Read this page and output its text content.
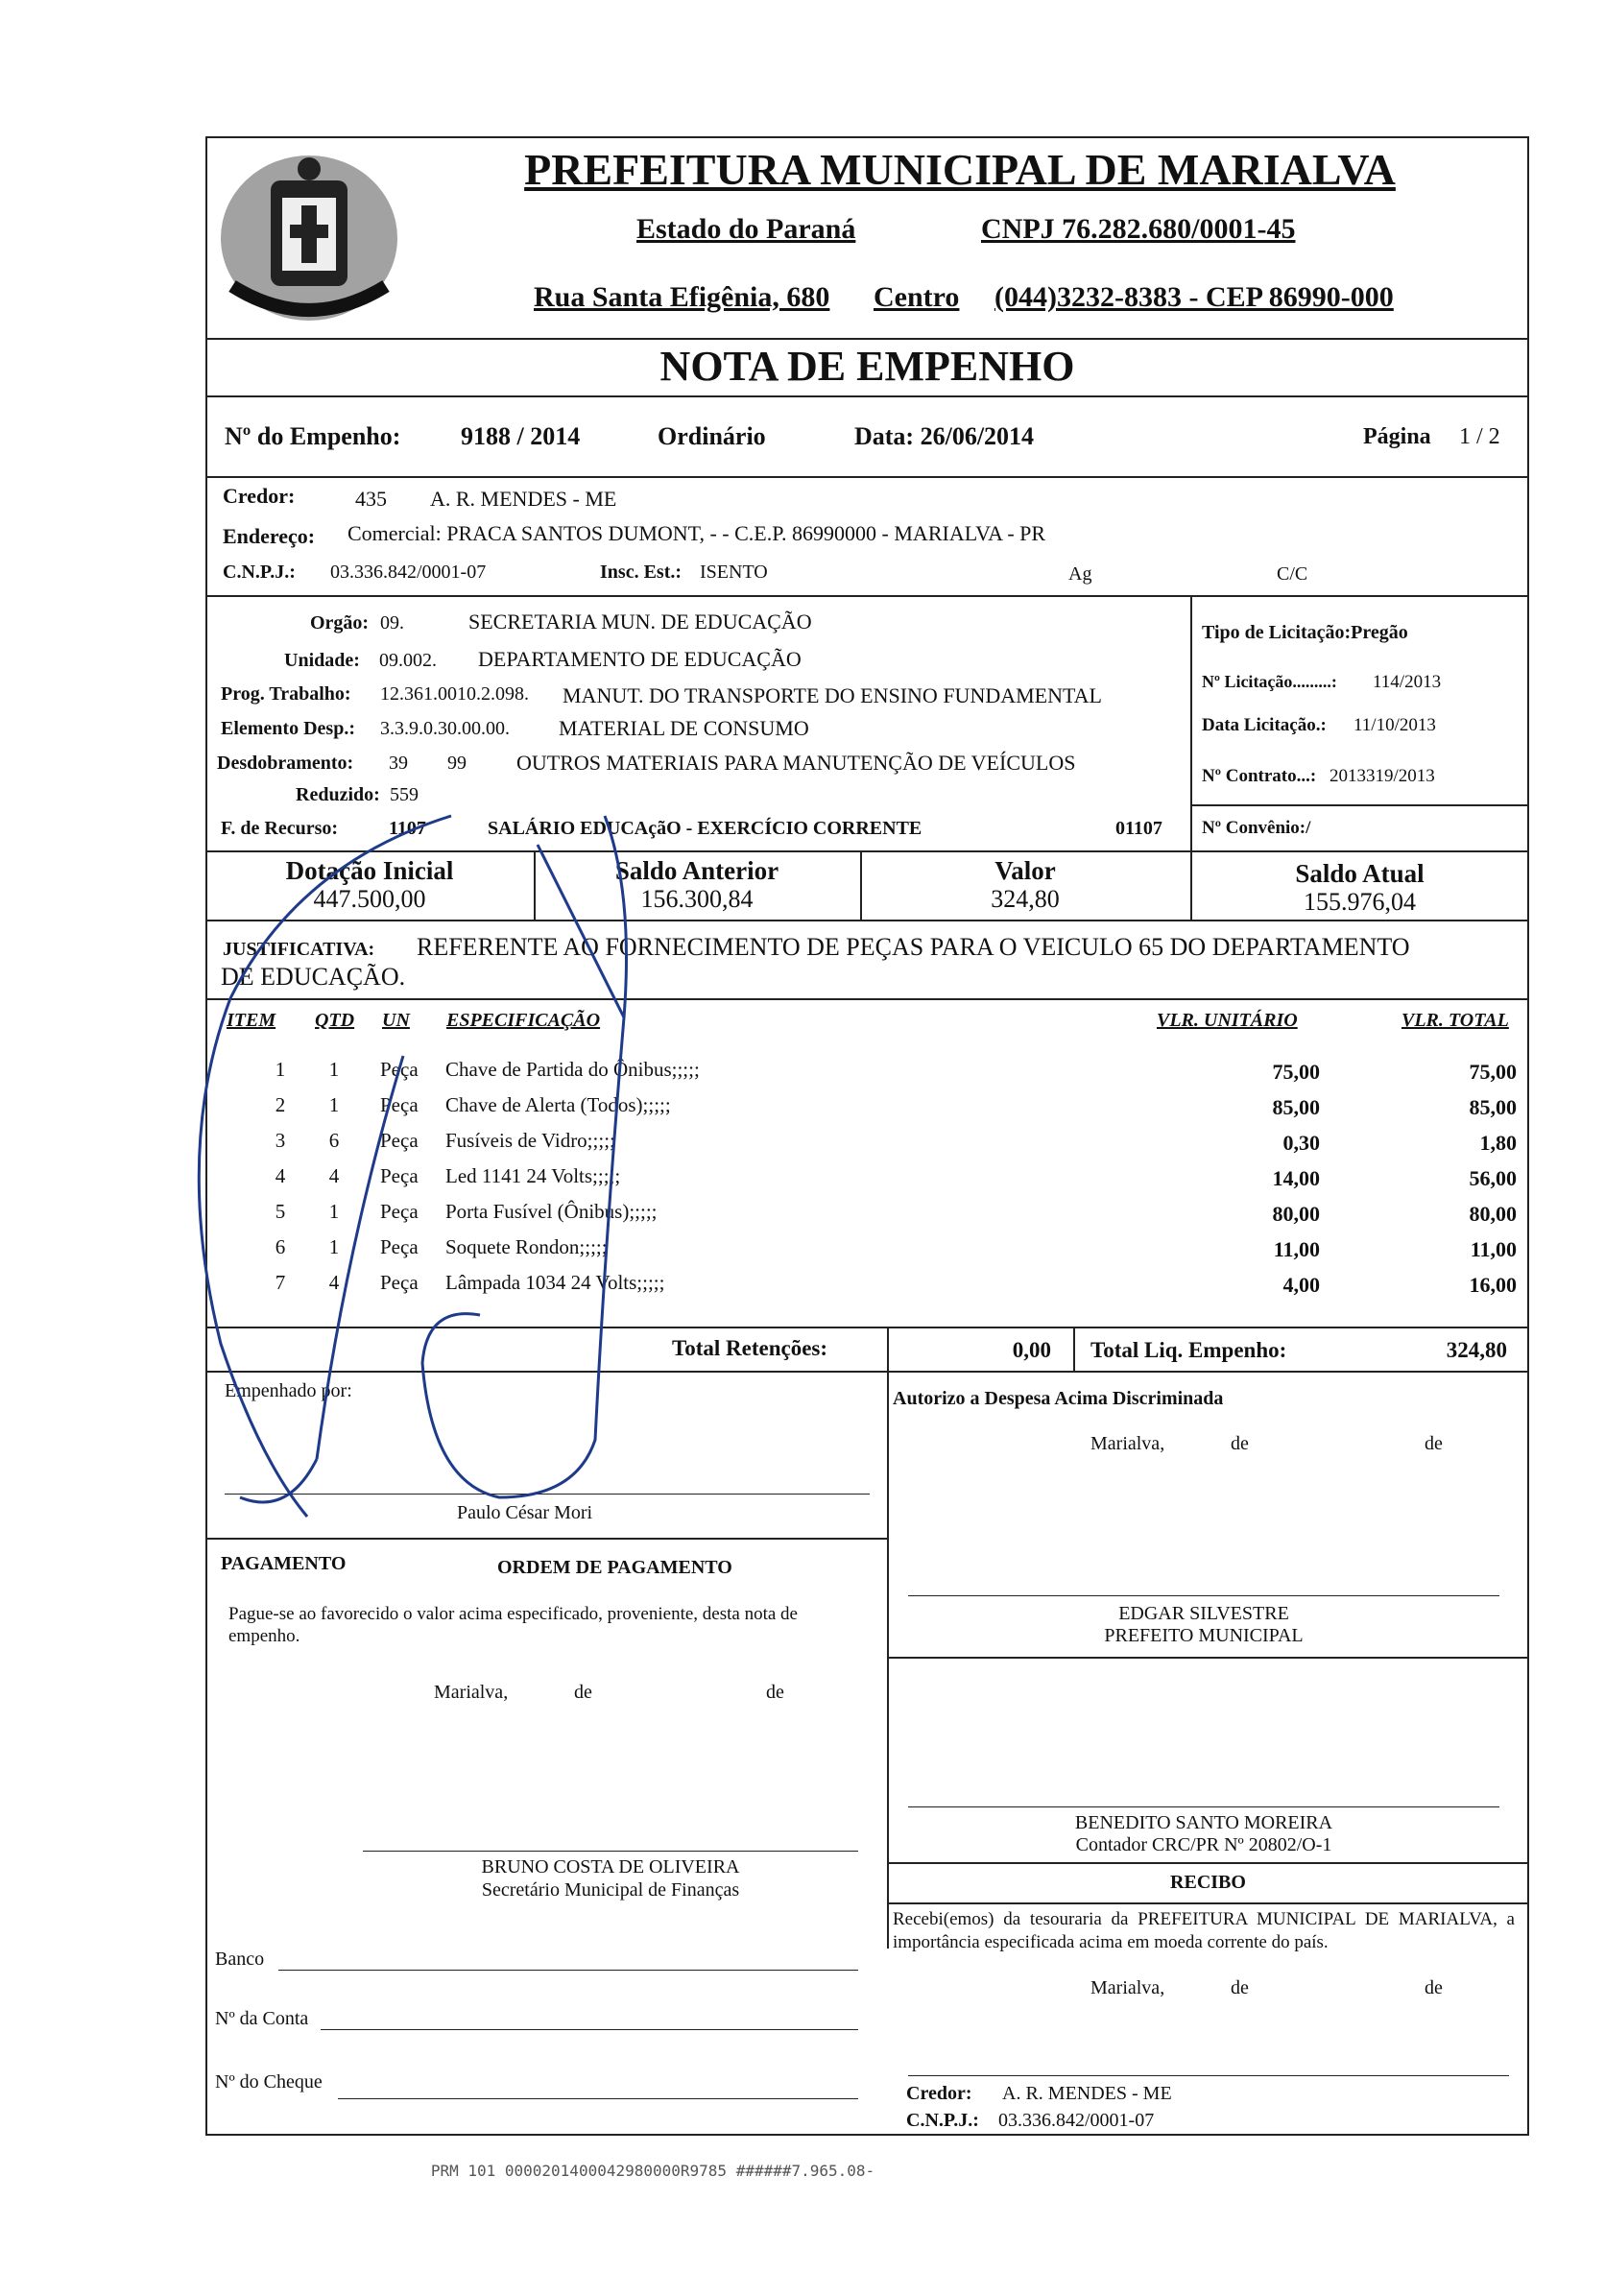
PREFEITURA MUNICIPAL DE MARIALVA
Estado do Paraná	CNPJ 76.282.680/0001-45
Rua Santa Efigênia, 680 Centro (044)3232-8383 - CEP 86990-000
NOTA DE EMPENHO
Nº do Empenho: 9188 / 2014	Ordinário	Data: 26/06/2014	Página 1 / 2
Credor:	435 A. R. MENDES - ME
Endereço: Comercial: PRACA SANTOS DUMONT, - - C.E.P. 86990000 - MARIALVA - PR
C.N.P.J.: 03.336.842/0001-07	Insc. Est.: ISENTO	Ag	C/C
Orgão: 09.	SECRETARIA MUN. DE EDUCAÇÃO
Unidade: 09.002. DEPARTAMENTO DE EDUCAÇÃO
Prog. Trabalho: 12.361.0010.2.098. MANUT. DO TRANSPORTE DO ENSINO FUNDAMENTAL
Elemento Desp.: 3.3.9.0.30.00.00. MATERIAL DE CONSUMO
Desdobramento: 39 99 OUTROS MATERIAIS PARA MANUTENÇÃO DE VEÍCULOS
Reduzido: 559
F. de Recurso:	1107	SALÁRIO EDUCAçãO - EXERCÍCIO CORRENTE	01107
Tipo de Licitação:Pregão
Nº Licitação.........: 114/2013
Data Licitação.: 11/10/2013
Nº Contrato...: 2013319/2013
Nº Convênio:/
Dotação Inicial
447.500,00
Saldo Anterior
156.300,84
Valor
324,80
Saldo Atual
155.976,04
JUSTIFICATIVA: REFERENTE AO FORNECIMENTO DE PEÇAS PARA O VEICULO 65 DO DEPARTAMENTO
DE EDUCAÇÃO.
ITEM QTD UN ESPECIFICAÇÃO	VLR. UNITÁRIO	VLR. TOTAL
1	1	Peça Chave de Partida do Ônibus;;;;;	75,00	75,00
2	1	Peça Chave de Alerta (Todos);;;;;	85,00	85,00
3	6	Peça Fusíveis de Vidro;;;;;	0,30	1,80
4	4	Peça Led 1141 24 Volts;;;;;	14,00	56,00
5	1	Peça Porta Fusível (Ônibus);;;;;	80,00	80,00
6	1	Peça Soquete Rondon;;;;;	11,00	11,00
7	4	Peça Lâmpada 1034 24 Volts;;;;;	4,00	16,00
Total Retenções:	0,00 Total Liq. Empenho:	324,80
Empenhado por:
Paulo César Mori
Autorizo a Despesa Acima Discriminada
Marialva,	de	de
PAGAMENTO	ORDEM DE PAGAMENTO
Pague-se ao favorecido o valor acima especificado, proveniente, desta nota de empenho.
Marialva,	de	de
BRUNO COSTA DE OLIVEIRA
Secretário Municipal de Finanças
Banco
Nº da Conta
Nº do Cheque
EDGAR SILVESTRE
PREFEITO MUNICIPAL
BENEDITO SANTO MOREIRA
Contador CRC/PR Nº 20802/O-1
RECIBO
Recebi(emos) da tesouraria da PREFEITURA MUNICIPAL DE MARIALVA, a importância especificada acima em moeda corrente do país.
Marialva,	de	de
Credor: A. R. MENDES - ME
C.N.P.J.: 03.336.842/0001-07
PRM 101 0000201400042980000R9785 ######7.965.08-
